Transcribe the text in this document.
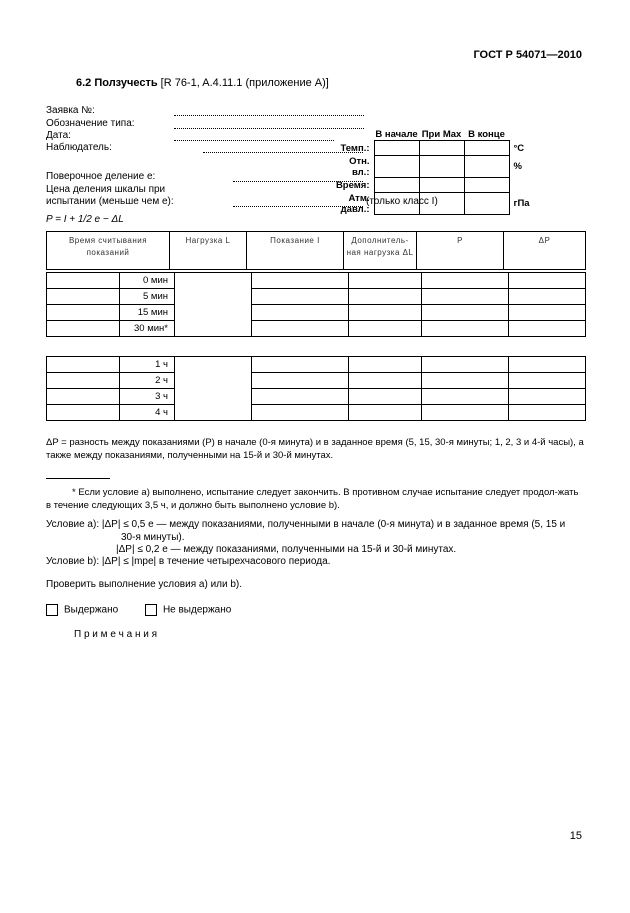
ГОСТ Р 54071—2010
6.2 Ползучесть [R 76-1, A.4.11.1 (приложение A)]
Заявка №:
Обозначение типа:
Дата:
Наблюдатель:
Поверочное деление e:
Цена деления шкалы при
испытании (меньше чем e):	(только класс I)
	В начале	При Max	В конце	
Темп.:				°С
Отн. вл.:				%
Время:				
Атм. давл.:				гПа
P = I + 1/2 e − ΔL
Время считывания показаний	Нагрузка L	Показание I	Дополнитель-ная нагрузка ΔL	P	ΔP
	0 мин					
	5 мин					
	15 мин					
	30 мин*					
	1 ч					
	2 ч					
	3 ч					
	4 ч					
ΔP = разность между показаниями (P) в начале (0-я минута) и в заданное время (5, 15, 30-я минуты; 1, 2, 3 и 4-й часы), а также между показаниями, полученными на 15-й и 30-й минутах.
* Если условие a) выполнено, испытание следует закончить. В противном случае испытание следует продол-жать в течение следующих 3,5 ч, и должно быть выполнено условие b).
Условие a): |ΔP| ≤ 0,5 e — между показаниями, полученными в начале (0-я минута) и в заданное время (5, 15 и
30-я минуты).
|ΔP| ≤ 0,2 e — между показаниями, полученными на 15-й и 30-й минутах.
Условие b): |ΔP| ≤ |mpe| в течение четырехчасового периода.
Проверить выполнение условия a) или b).
Выдержано	Не выдержано
П р и м е ч а н и я
15
